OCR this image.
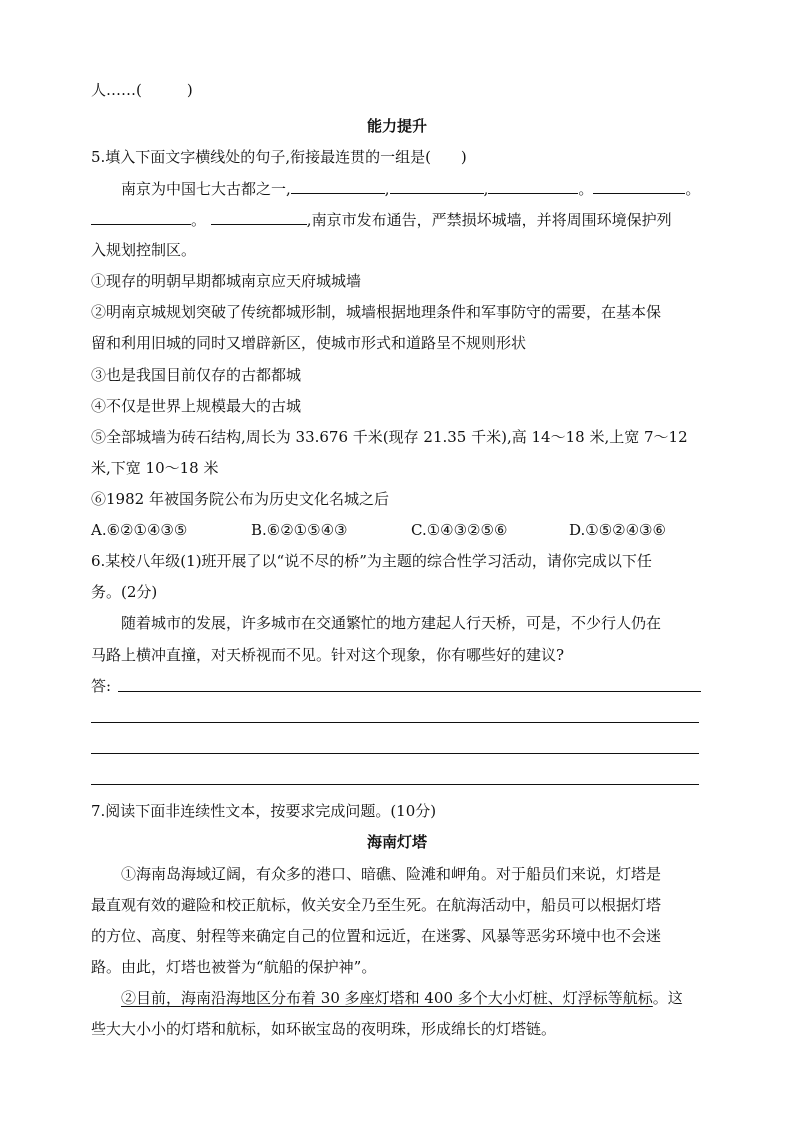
人……(　　　)
能力提升
5.填入下面文字横线处的句子,衔接最连贯的一组是(　　)
南京为中国七大古都之一,	,	,	。	。
。	,南京市发布通告，严禁损坏城墙，并将周围环境保护列
入规划控制区。
①现存的明朝早期都城南京应天府城城墙
②明南京城规划突破了传统都城形制，城墙根据地理条件和军事防守的需要，在基本保
留和利用旧城的同时又增辟新区，使城市形式和道路呈不规则形状
③也是我国目前仅存的古都都城
④不仅是世界上规模最大的古城
⑤全部城墙为砖石结构,周长为 33.676 千米(现存 21.35 千米),高 14～18 米,上宽 7～12
米,下宽 10～18 米
⑥1982 年被国务院公布为历史文化名城之后
A.⑥②①④③⑤	B.⑥②①⑤④③	C.①④③②⑤⑥	D.①⑤②④③⑥
6.某校八年级(1)班开展了以“说不尽的桥”为主题的综合性学习活动，请你完成以下任
务。(2分)
随着城市的发展，许多城市在交通繁忙的地方建起人行天桥，可是，不少行人仍在
马路上横冲直撞，对天桥视而不见。针对这个现象，你有哪些好的建议?
答:
7.阅读下面非连续性文本，按要求完成问题。(10分)
海南灯塔
①海南岛海域辽阔，有众多的港口、暗礁、险滩和岬角。对于船员们来说，灯塔是
最直观有效的避险和校正航标，攸关安全乃至生死。在航海活动中，船员可以根据灯塔
的方位、高度、射程等来确定自己的位置和远近，在迷雾、风暴等恶劣环境中也不会迷
路。由此，灯塔也被誉为“航船的保护神”。
②目前，海南沿海地区分布着 30 多座灯塔和 400 多个大小灯桩、灯浮标等航标。这
些大大小小的灯塔和航标，如环嵌宝岛的夜明珠，形成绵长的灯塔链。
